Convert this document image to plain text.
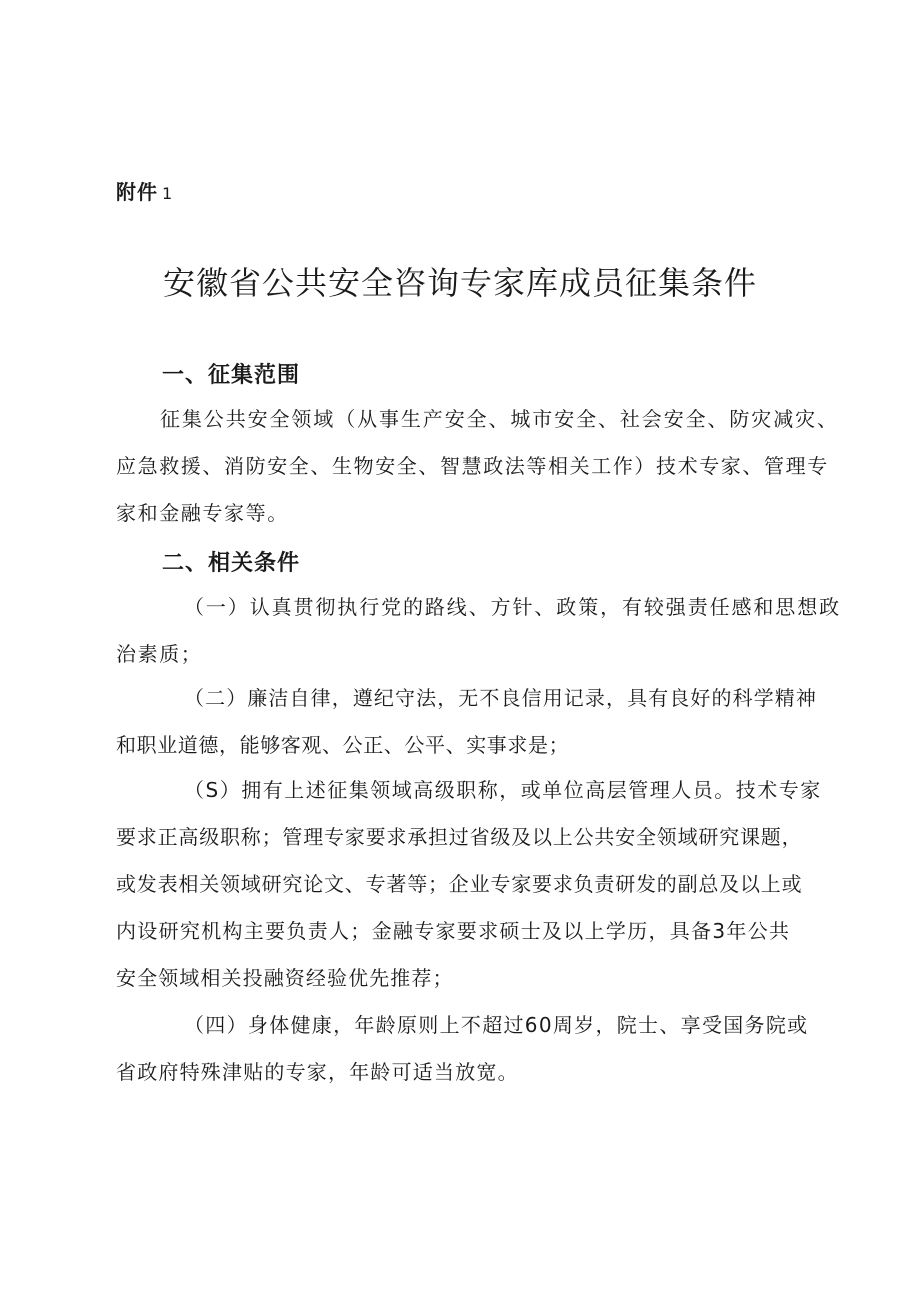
附件 1
安徽省公共安全咨询专家库成员征集条件
一、征集范围
征集公共安全领域（从事生产安全、城市安全、社会安全、防灾减灾、
应急救援、消防安全、生物安全、智慧政法等相关工作）技术专家、管理专
家和金融专家等。
二、相关条件
（一）认真贯彻执行党的路线、方针、政策，有较强责任感和思想政
治素质；
（二）廉洁自律，遵纪守法，无不良信用记录，具有良好的科学精神
和职业道德，能够客观、公正、公平、实事求是；
（S）拥有上述征集领域高级职称，或单位高层管理人员。技术专家
要求正高级职称；管理专家要求承担过省级及以上公共安全领域研究课题，
或发表相关领域研究论文、专著等；企业专家要求负责研发的副总及以上或
内设研究机构主要负责人；金融专家要求硕士及以上学历，具备3年公共
安全领域相关投融资经验优先推荐；
（四）身体健康，年龄原则上不超过60周岁，院士、享受国务院或
省政府特殊津贴的专家，年龄可适当放宽。
